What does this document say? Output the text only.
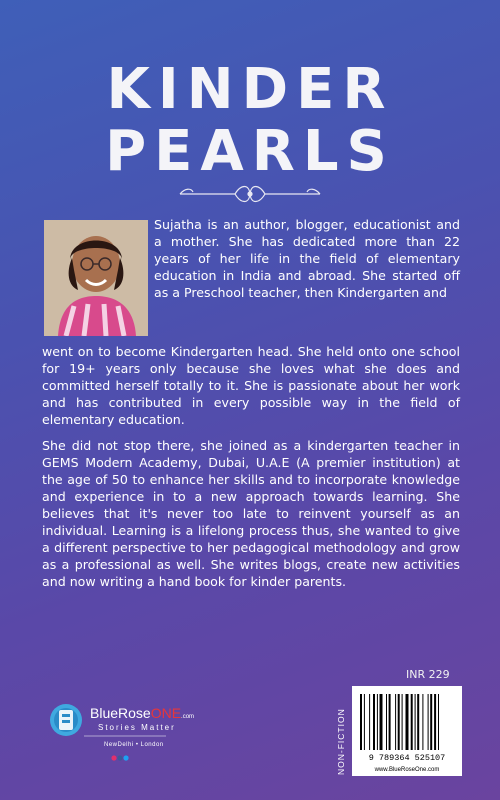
KINDER
PEARLS

Sujatha is an author, blogger, educationist and a mother. She has dedicated more than 22 years of her life in the field of elementary education in India and abroad. She started off as a Preschool teacher, then Kindergarten and

went on to become Kindergarten head. She held onto one school for 19+ years only because she loves what she does and committed herself totally to it. She is passionate about her work and has contributed in every possible way in the field of elementary education.

She did not stop there, she joined as a kindergarten teacher in GEMS Modern Academy, Dubai, U.A.E (A premier institution) at the age of 50 to enhance her skills and to incorporate knowledge and experience in to a new approach towards learning. She believes that it's never too late to reinvent yourself as an individual. Learning is a lifelong process thus, she wanted to give a different perspective to her pedagogical methodology and grow as a professional as well. She writes blogs, create new activities and now writing a hand book for kinder parents.

BlueRoseONE.com
Stories Matter
NewDelhi • London
INR 229
NON-FICTION	9 789364 525107
www.BlueRoseOne.com
